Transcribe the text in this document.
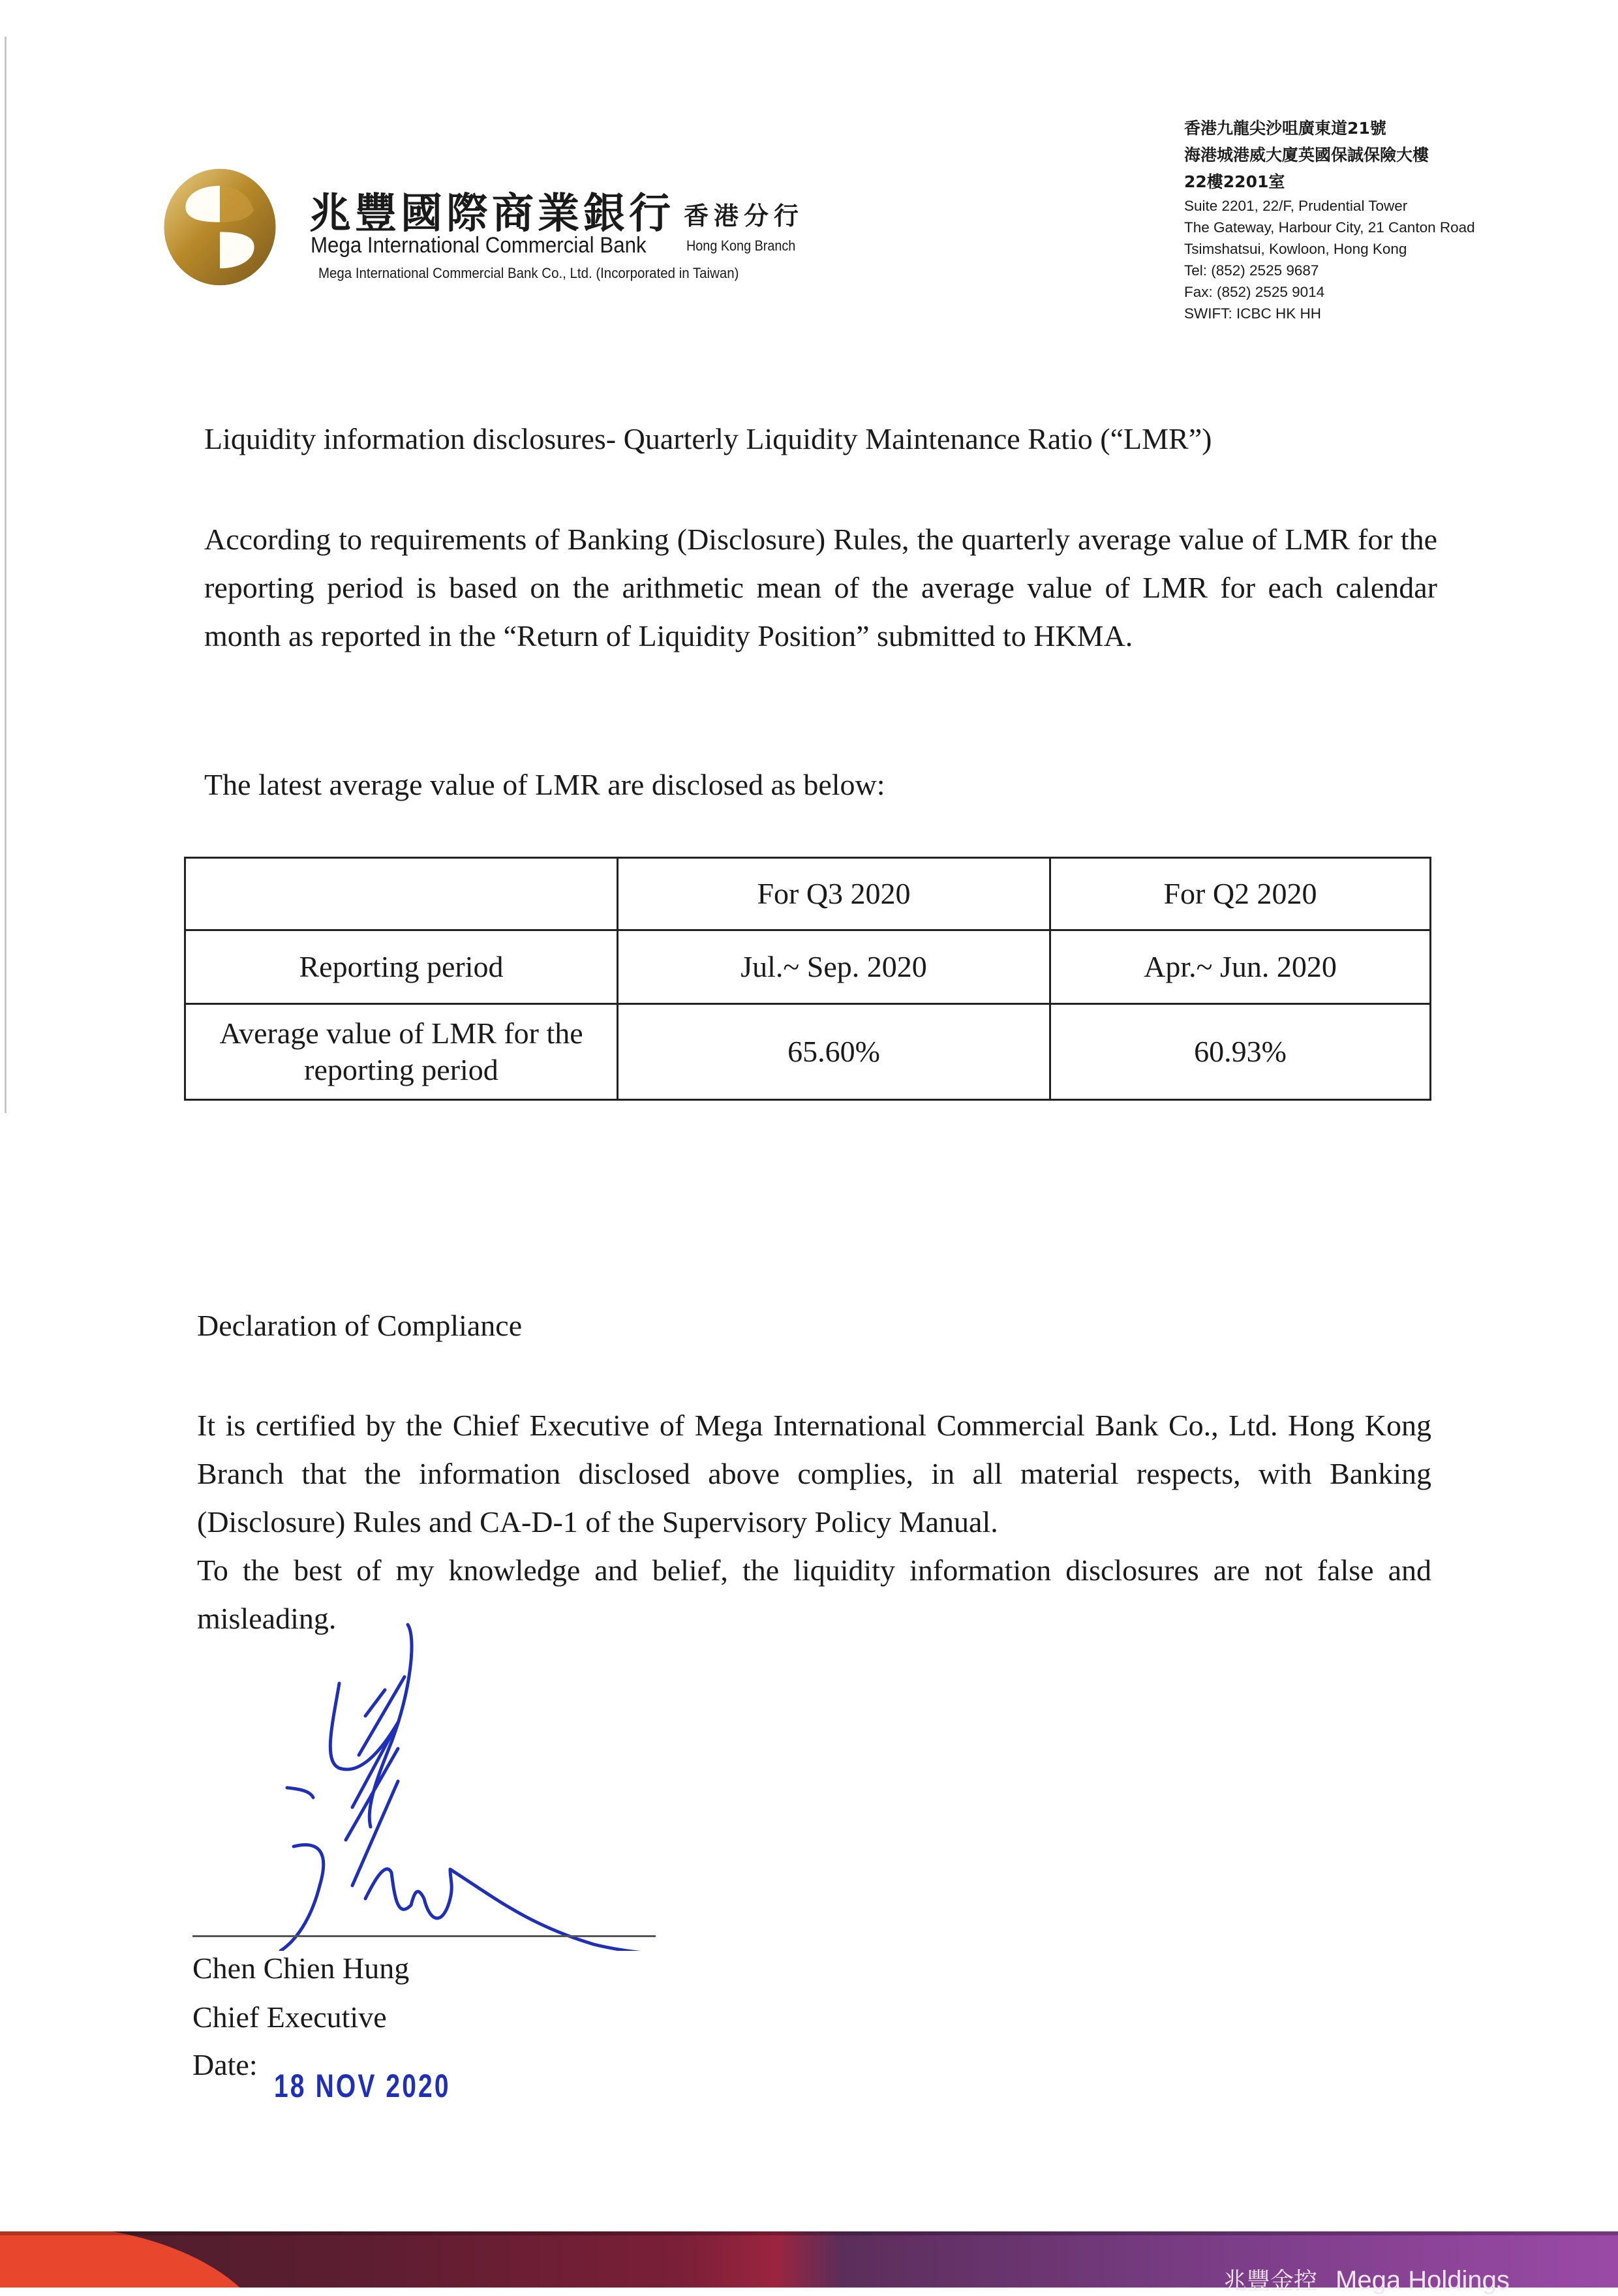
兆豐國際商業銀行 香港分行
Mega International Commercial Bank	Hong Kong Branch
Mega International Commercial Bank Co., Ltd. (Incorporated in Taiwan)
香港九龍尖沙咀廣東道21號
海港城港威大廈英國保誠保險大樓
22樓2201室
Suite 2201, 22/F, Prudential Tower
The Gateway, Harbour City, 21 Canton Road
Tsimshatsui, Kowloon, Hong Kong
Tel: (852) 2525 9687
Fax: (852) 2525 9014
SWIFT: ICBC HK HH
Liquidity information disclosures- Quarterly Liquidity Maintenance Ratio (“LMR”)
According to requirements of Banking (Disclosure) Rules, the quarterly average value of LMR for the reporting period is based on the arithmetic mean of the average value of LMR for each calendar month as reported in the “Return of Liquidity Position” submitted to HKMA.
The latest average value of LMR are disclosed as below:
	For Q3 2020	For Q2 2020
Reporting period	Jul.~ Sep. 2020	Apr.~ Jun. 2020
Average value of LMR for the reporting period	65.60%	60.93%
Declaration of Compliance

It is certified by the Chief Executive of Mega International Commercial Bank Co., Ltd. Hong Kong Branch that the information disclosed above complies, in all material respects, with Banking (Disclosure) Rules and CA-D-1 of the Supervisory Policy Manual.

To the best of my knowledge and belief, the liquidity information disclosures are not false and misleading.

Chen Chien Hung
Chief Executive
Date:
18 NOV 2020
兆豐金控 Mega Holdings
